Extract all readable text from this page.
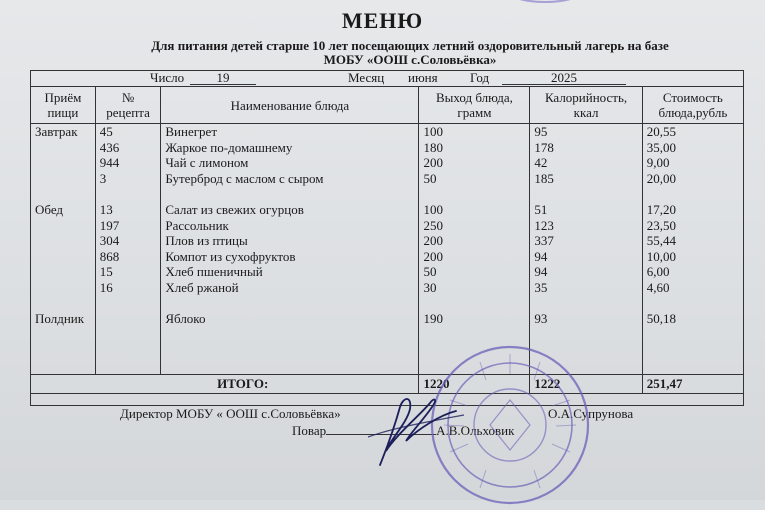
МЕНЮ
Для питания детей старше 10 лет посещающих летний оздоровительный лагерь на базе
МОБУ «ООШ с.Соловьёвка»
Число	19	Месяц июня Год	2025
Приём пищи	№ рецепта	Наименование блюда	Выход блюда, грамм	Калорийность, ккал	Стоимость блюда,рубль
Завтрак	45	Винегрет	100	95	20,55
	436	Жаркое по-домашнему	180	178	35,00
	944	Чай с лимоном	200	42	9,00
	3	Бутерброд с маслом с сыром	50	185	20,00

Обед	13	Салат из свежих огурцов	100	51	17,20
	197	Рассольник	250	123	23,50
	304	Плов из птицы	200	337	55,44
	868	Компот из сухофруктов	200	94	10,00
	15	Хлеб пшеничный	50	94	6,00
	16	Хлеб ржаной	30	35	4,60

Полдник		Яблоко	190	93	50,18

ИТОГО:			1220	1222	251,47
Директор МОБУ « ООШ с.Соловьёвка»	О.А.Супрунова
Повар	А.В.Ольховик
